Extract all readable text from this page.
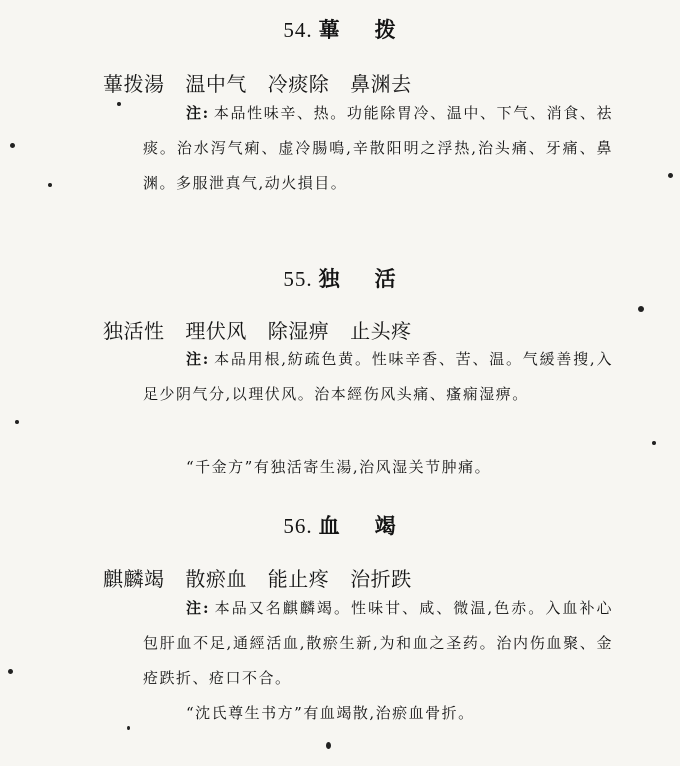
54. 蓽 拨
蓽拨湯 温中气 冷痰除 鼻渊去
注: 本品性味辛、热。功能除胃冷、温中、下气、消食、祛痰。治水泻气痢、虚冷腸鳴,辛散阳明之浮热,治头痛、牙痛、鼻渊。多服泄真气,动火損目。
55. 独 活
独活性 理伏风 除湿痹 止头疼
注: 本品用根,紡疏色黄。性味辛香、苦、温。气緩善搜,入足少阴气分,以理伏风。治本經伤风头痛、瘙痫湿痹。
“千金方”有独活寄生湯,治风湿关节肿痛。
56. 血 竭
麒麟竭 散瘀血 能止疼 治折跌
注: 本品又名麒麟竭。性味甘、咸、微温,色赤。入血补心包肝血不足,通經活血,散瘀生新,为和血之圣药。治内伤血聚、金疮跌折、疮口不合。
“沈氏尊生书方”有血竭散,治瘀血骨折。
